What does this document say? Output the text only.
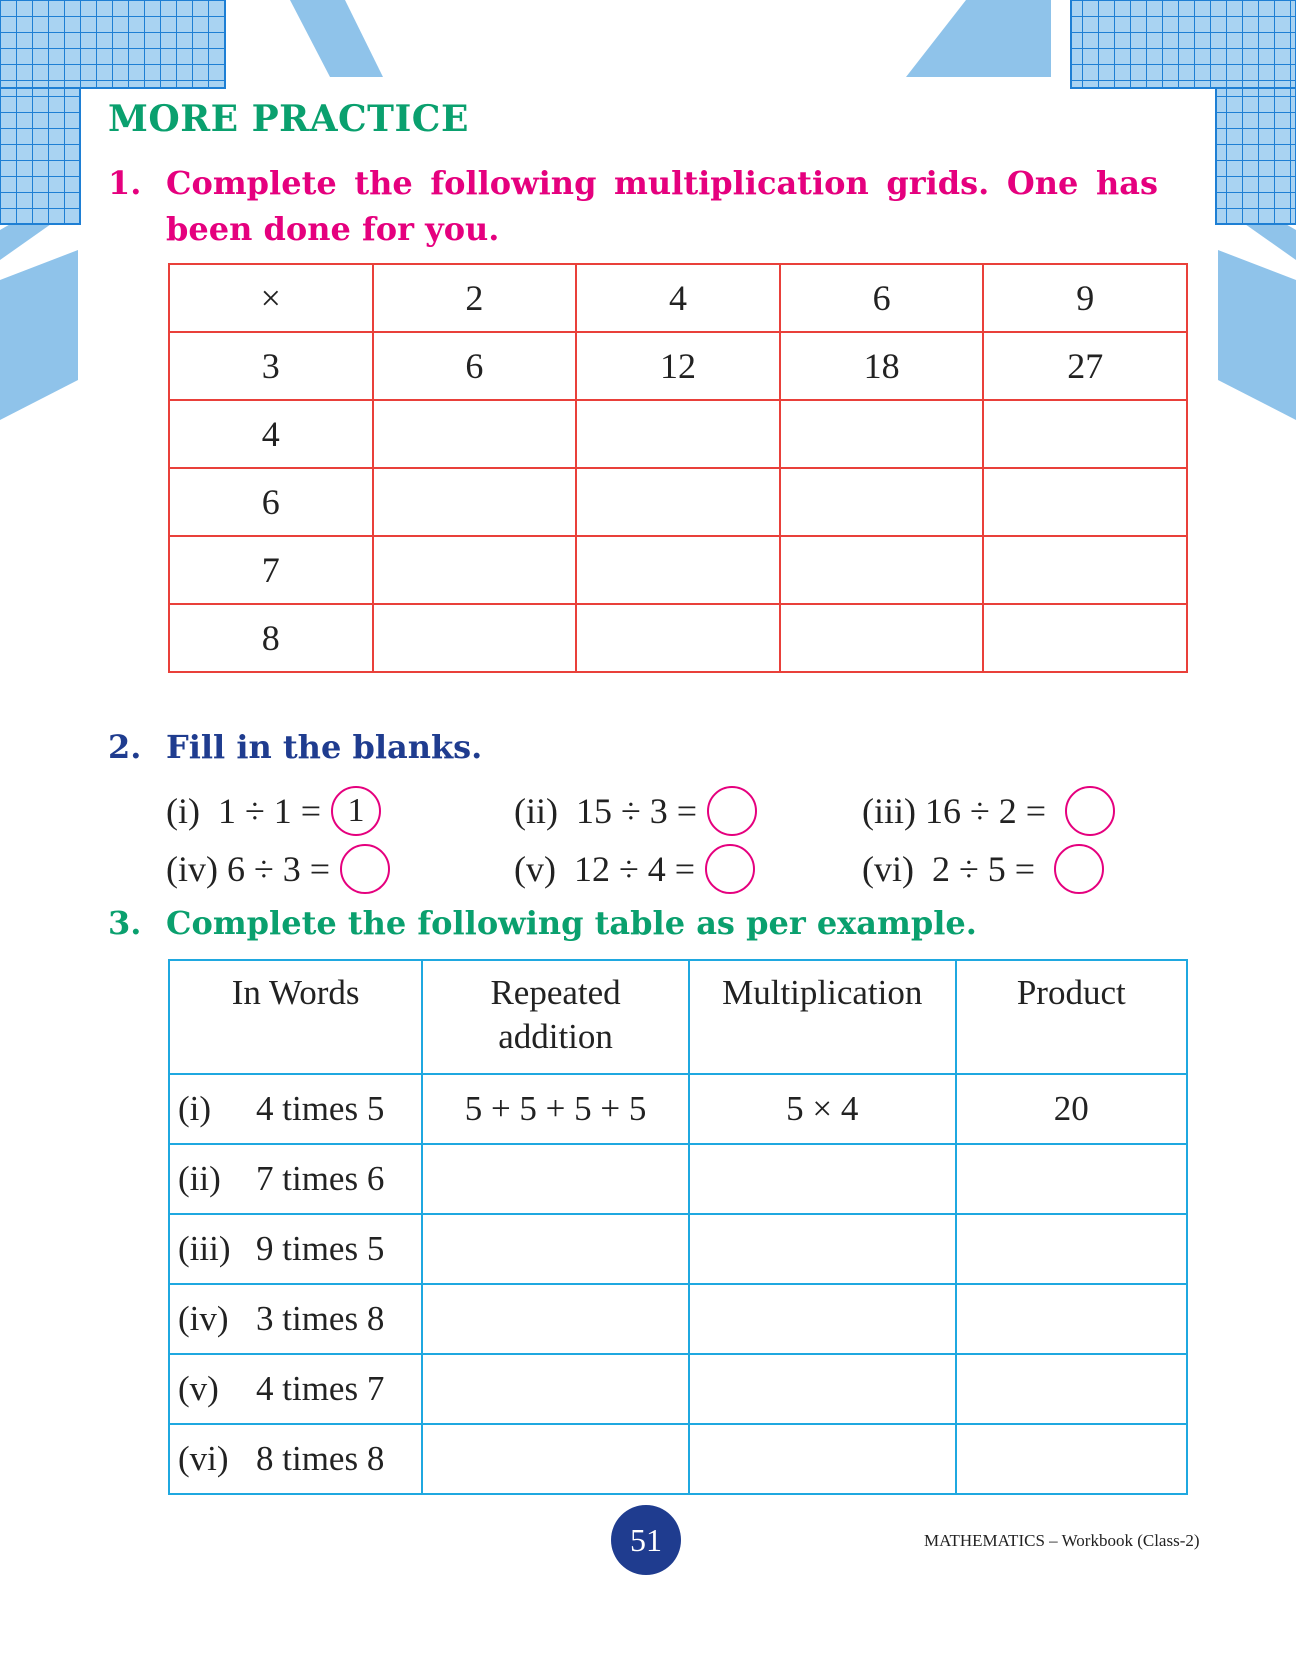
MORE PRACTICE
1. Complete the following multiplication grids. One has been done for you.
×	2	4	6	9
3	6	12	18	27
4				
6				
7				
8				
2. Fill in the blanks.
(i)
1 ÷ 1 = 1	(ii)
15 ÷ 3 =	(iii)
16 ÷ 2 =

(iv)
6 ÷ 3 =	(v)
12 ÷ 4 =	(vi)
2 ÷ 5 =

3. Complete the following table as per example.
In Words	Repeated addition	Multiplication	Product
(i) 4 times 5	5 + 5 + 5 + 5	5 × 4	20
(ii) 7 times 6			
(iii) 9 times 5			
(iv) 3 times 8			
(v) 4 times 7			
(vi) 8 times 8			
51	MATHEMATICS – Workbook (Class-2)
